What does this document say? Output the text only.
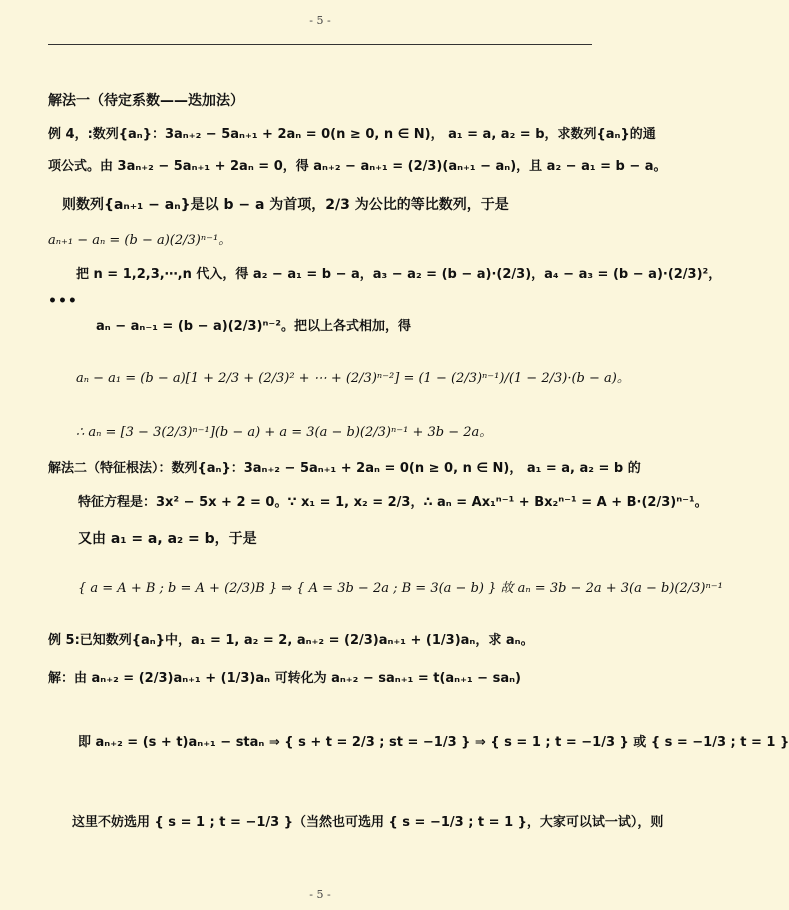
- 5 -
解法一（待定系数——迭加法）
例 4，:数列{aₙ}：3aₙ₊₂ − 5aₙ₊₁ + 2aₙ = 0(n ≥ 0, n ∈ N)， a₁ = a, a₂ = b，求数列{aₙ}的通
项公式。由 3aₙ₊₂ − 5aₙ₊₁ + 2aₙ = 0，得 aₙ₊₂ − aₙ₊₁ = (2/3)(aₙ₊₁ − aₙ)，且 a₂ − a₁ = b − a。
则数列{aₙ₊₁ − aₙ}是以 b − a 为首项，2/3 为公比的等比数列，于是
aₙ₊₁ − aₙ = (b − a)(2/3)ⁿ⁻¹。
把 n = 1,2,3,⋯,n 代入，得 a₂ − a₁ = b − a，a₃ − a₂ = (b − a)·(2/3)，a₄ − a₃ = (b − a)·(2/3)²，
•••
aₙ − aₙ₋₁ = (b − a)(2/3)ⁿ⁻²。把以上各式相加，得
aₙ − a₁ = (b − a)[1 + 2/3 + (2/3)² + ⋯ + (2/3)ⁿ⁻²] = (1 − (2/3)ⁿ⁻¹)/(1 − 2/3)·(b − a)。
∴ aₙ = [3 − 3(2/3)ⁿ⁻¹](b − a) + a = 3(a − b)(2/3)ⁿ⁻¹ + 3b − 2a。
解法二（特征根法）：数列{aₙ}：3aₙ₊₂ − 5aₙ₊₁ + 2aₙ = 0(n ≥ 0, n ∈ N)， a₁ = a, a₂ = b 的
特征方程是：3x² − 5x + 2 = 0。∵ x₁ = 1, x₂ = 2/3，∴ aₙ = Ax₁ⁿ⁻¹ + Bx₂ⁿ⁻¹ = A + B·(2/3)ⁿ⁻¹。
又由 a₁ = a, a₂ = b，于是
{ a = A + B ; b = A + (2/3)B } ⇒ { A = 3b − 2a ; B = 3(a − b) } 故 aₙ = 3b − 2a + 3(a − b)(2/3)ⁿ⁻¹
例 5:已知数列{aₙ}中，a₁ = 1, a₂ = 2, aₙ₊₂ = (2/3)aₙ₊₁ + (1/3)aₙ，求 aₙ。
解：由 aₙ₊₂ = (2/3)aₙ₊₁ + (1/3)aₙ 可转化为 aₙ₊₂ − saₙ₊₁ = t(aₙ₊₁ − saₙ)
即 aₙ₊₂ = (s + t)aₙ₊₁ − staₙ ⇒ { s + t = 2/3 ; st = −1/3 } ⇒ { s = 1 ; t = −1/3 } 或 { s = −1/3 ; t = 1 }
这里不妨选用 { s = 1 ; t = −1/3 }（当然也可选用 { s = −1/3 ; t = 1 }，大家可以试一试），则
- 5 -
